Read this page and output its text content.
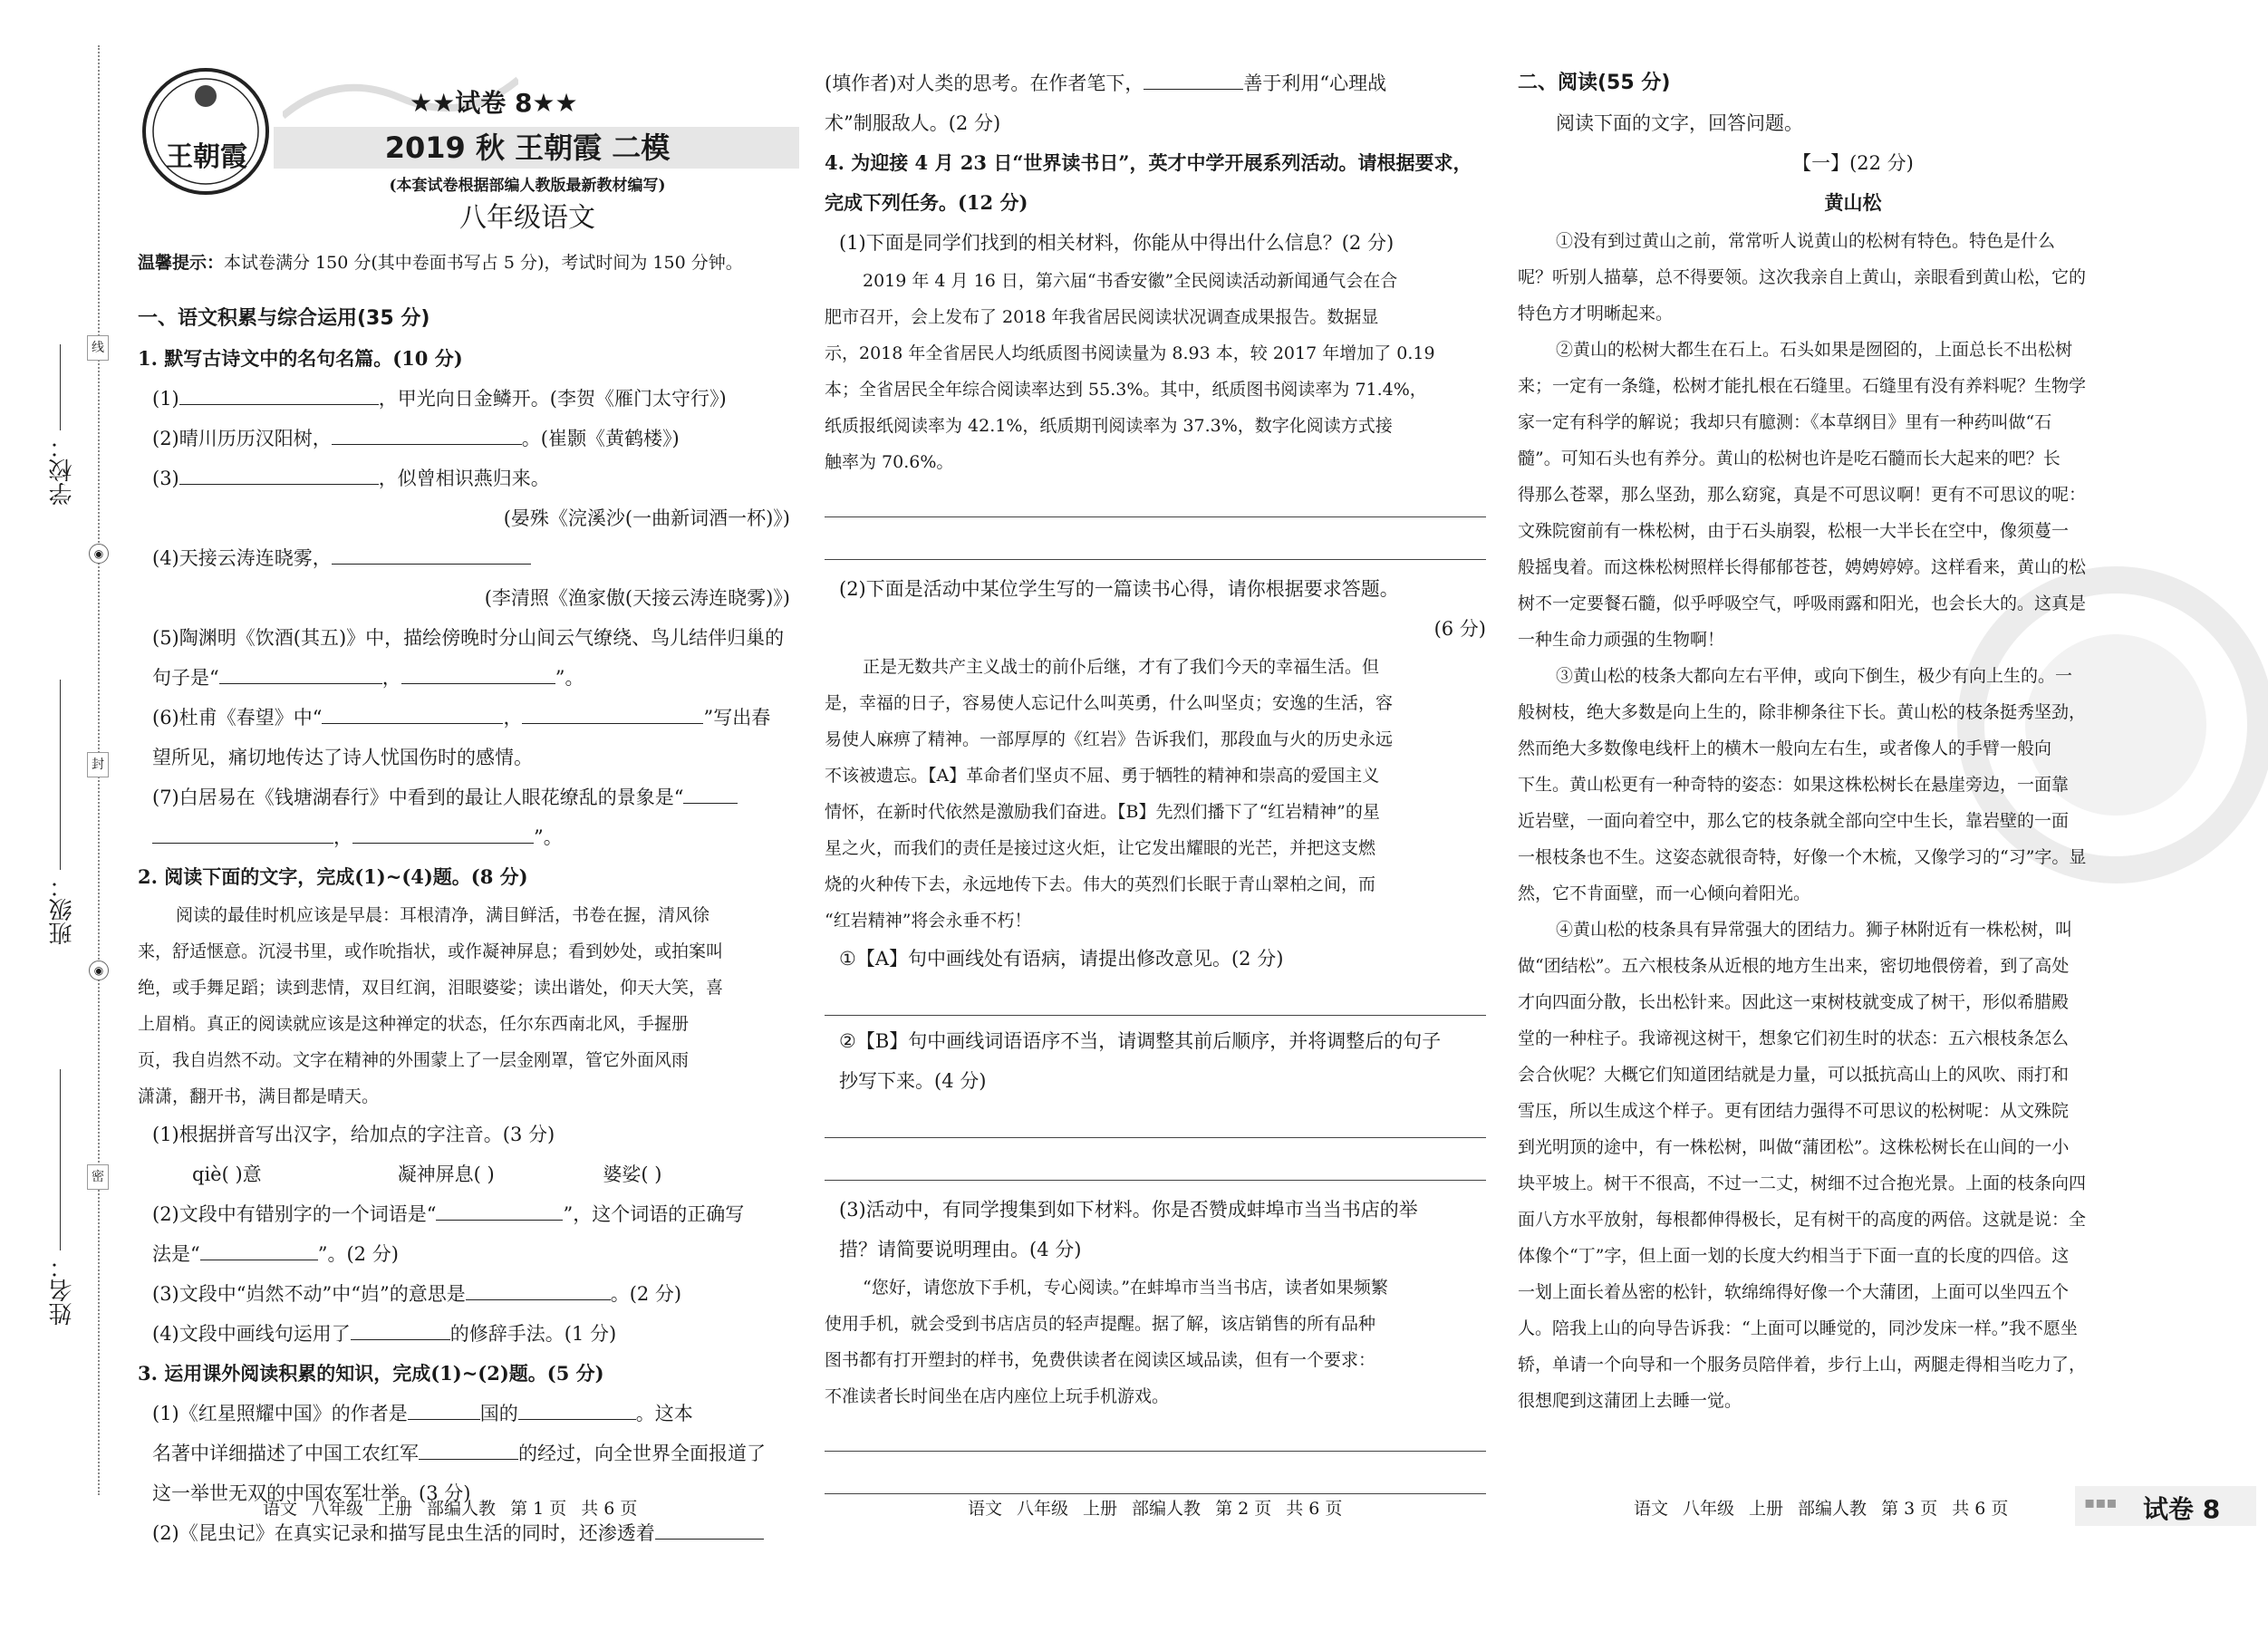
学校：
班级：
姓名：
线
◉
封
◉
密
王朝霞
★★试卷 8★★
2019 秋 王朝霞 二模
(本套试卷根据部编人教版最新教材编写)
八年级语文

温馨提示：本试卷满分 150 分(其中卷面书写占 5 分)，考试时间为 150 分钟。

一、语文积累与综合运用(35 分)

1. 默写古诗文中的名句名篇。(10 分)

(1)	，甲光向日金鳞开。(李贺《雁门太守行》)

(2)晴川历历汉阳树，	。(崔颢《黄鹤楼》)

(3)	，似曾相识燕归来。

(晏殊《浣溪沙(一曲新词酒一杯)》)

(4)天接云涛连晓雾，

(李清照《渔家傲(天接云涛连晓雾)》)

(5)陶渊明《饮酒(其五)》中，描绘傍晚时分山间云气缭绕、鸟儿结伴归巢的
句子是“	，	”。

(6)杜甫《春望》中“	，	”写出春
望所见，痛切地传达了诗人忧国伤时的感情。

(7)白居易在《钱塘湖春行》中看到的最让人眼花缭乱的景象是“
，	”。

2. 阅读下面的文字，完成(1)~(4)题。(8 分)

阅读的最佳时机应该是早晨：耳根清净，满目鲜活，书卷在握，清风徐

来，舒适惬意。沉浸书里，或作吮指状，或作凝神屏息；看到妙处，或拍案叫

绝，或手舞足蹈；读到悲情，双目红润，泪眼婆娑；读出谐处，仰天大笑，喜

上眉梢。真正的阅读就应该是这种禅定的状态，任尔东西南北风，手握册

页，我自岿然不动。文字在精神的外围蒙上了一层金刚罩，管它外面风雨

潇潇，翻开书，满目都是晴天。

(1)根据拼音写出汉字，给加点的字注音。(3 分)

qiè( )意	凝神屏息( )	婆娑( )

(2)文段中有错别字的一个词语是“	”，这个词语的正确写
法是“	”。(2 分)

(3)文段中“岿然不动”中“岿”的意思是	。(2 分)

(4)文段中画线句运用了	的修辞手法。(1 分)

3. 运用课外阅读积累的知识，完成(1)~(2)题。(5 分)

(1)《红星照耀中国》的作者是	国的	。这本
名著中详细描述了中国工农红军	的经过，向全世界全面报道了
这一举世无双的中国农军壮举。(3 分)

(2)《昆虫记》在真实记录和描写昆虫生活的同时，还渗透着

语文 八年级 上册 部编人教 第 1 页 共 6 页

(填作者)对人类的思考。在作者笔下，	善于利用“心理战

术”制服敌人。(2 分)

4. 为迎接 4 月 23 日“世界读书日”，英才中学开展系列活动。请根据要求，
完成下列任务。(12 分)

(1)下面是同学们找到的相关材料，你能从中得出什么信息？(2 分)

2019 年 4 月 16 日，第六届“书香安徽”全民阅读活动新闻通气会在合

肥市召开，会上发布了 2018 年我省居民阅读状况调查成果报告。数据显

示，2018 年全省居民人均纸质图书阅读量为 8.93 本，较 2017 年增加了 0.19

本；全省居民全年综合阅读率达到 55.3%。其中，纸质图书阅读率为 71.4%，

纸质报纸阅读率为 42.1%，纸质期刊阅读率为 37.3%，数字化阅读方式接

触率为 70.6%。

(2)下面是活动中某位学生写的一篇读书心得，请你根据要求答题。

(6 分)

正是无数共产主义战士的前仆后继，才有了我们今天的幸福生活。但

是，幸福的日子，容易使人忘记什么叫英勇，什么叫坚贞；安逸的生活，容

易使人麻痹了精神。一部厚厚的《红岩》告诉我们，那段血与火的历史永远

不该被遗忘。【A】革命者们坚贞不屈、勇于牺牲的精神和崇高的爱国主义

情怀，在新时代依然是激励我们奋进。【B】先烈们播下了“红岩精神”的星

星之火，而我们的责任是接过这火炬，让它发出耀眼的光芒，并把这支燃

烧的火种传下去，永远地传下去。伟大的英烈们长眠于青山翠柏之间，而

“红岩精神”将会永垂不朽！

①【A】句中画线处有语病，请提出修改意见。(2 分)

②【B】句中画线词语语序不当，请调整其前后顺序，并将调整后的句子
抄写下来。(4 分)

(3)活动中，有同学搜集到如下材料。你是否赞成蚌埠市当当书店的举
措？请简要说明理由。(4 分)

“您好，请您放下手机，专心阅读。”在蚌埠市当当书店，读者如果频繁

使用手机，就会受到书店店员的轻声提醒。据了解，该店销售的所有品种

图书都有打开塑封的样书，免费供读者在阅读区域品读，但有一个要求：

不准读者长时间坐在店内座位上玩手机游戏。

语文 八年级 上册 部编人教 第 2 页 共 6 页

二、阅读(55 分)

阅读下面的文字，回答问题。

【一】(22 分)

黄山松

①没有到过黄山之前，常常听人说黄山的松树有特色。特色是什么

呢？听别人描摹，总不得要领。这次我亲自上黄山，亲眼看到黄山松，它的

特色方才明晰起来。

②黄山的松树大都生在石上。石头如果是囫囵的，上面总长不出松树

来；一定有一条缝，松树才能扎根在石缝里。石缝里有没有养料呢？生物学

家一定有科学的解说；我却只有臆测：《本草纲目》里有一种药叫做“石

髓”。可知石头也有养分。黄山的松树也许是吃石髓而长大起来的吧？长

得那么苍翠，那么坚劲，那么窈窕，真是不可思议啊！更有不可思议的呢：

文殊院窗前有一株松树，由于石头崩裂，松根一大半长在空中，像须蔓一

般摇曳着。而这株松树照样长得郁郁苍苍，娉娉婷婷。这样看来，黄山的松

树不一定要餐石髓，似乎呼吸空气，呼吸雨露和阳光，也会长大的。这真是

一种生命力顽强的生物啊！

③黄山松的枝条大都向左右平伸，或向下倒生，极少有向上生的。一

般树枝，绝大多数是向上生的，除非柳条往下长。黄山松的枝条挺秀坚劲，

然而绝大多数像电线杆上的横木一般向左右生，或者像人的手臂一般向

下生。黄山松更有一种奇特的姿态：如果这株松树长在悬崖旁边，一面靠

近岩壁，一面向着空中，那么它的枝条就全部向空中生长，靠岩壁的一面

一根枝条也不生。这姿态就很奇特，好像一个木梳，又像学习的“习”字。显

然，它不肯面壁，而一心倾向着阳光。

④黄山松的枝条具有异常强大的团结力。狮子林附近有一株松树，叫

做“团结松”。五六根枝条从近根的地方生出来，密切地偎傍着，到了高处

才向四面分散，长出松针来。因此这一束树枝就变成了树干，形似希腊殿

堂的一种柱子。我谛视这树干，想象它们初生时的状态：五六根枝条怎么

会合伙呢？大概它们知道团结就是力量，可以抵抗高山上的风吹、雨打和

雪压，所以生成这个样子。更有团结力强得不可思议的松树呢：从文殊院

到光明顶的途中，有一株松树，叫做“蒲团松”。这株松树长在山间的一小

块平坡上。树干不很高，不过一二丈，树细不过合抱光景。上面的枝条向四

面八方水平放射，每根都伸得极长，足有树干的高度的两倍。这就是说：全

体像个“丁”字，但上面一划的长度大约相当于下面一直的长度的四倍。这

一划上面长着丛密的松针，软绵绵得好像一个大蒲团，上面可以坐四五个

人。陪我上山的向导告诉我：“上面可以睡觉的，同沙发床一样。”我不愿坐

轿，单请一个向导和一个服务员陪伴着，步行上山，两腿走得相当吃力了，

很想爬到这蒲团上去睡一觉。

语文 八年级 上册 部编人教 第 3 页 共 6 页	▪▪▪ 试卷 8
